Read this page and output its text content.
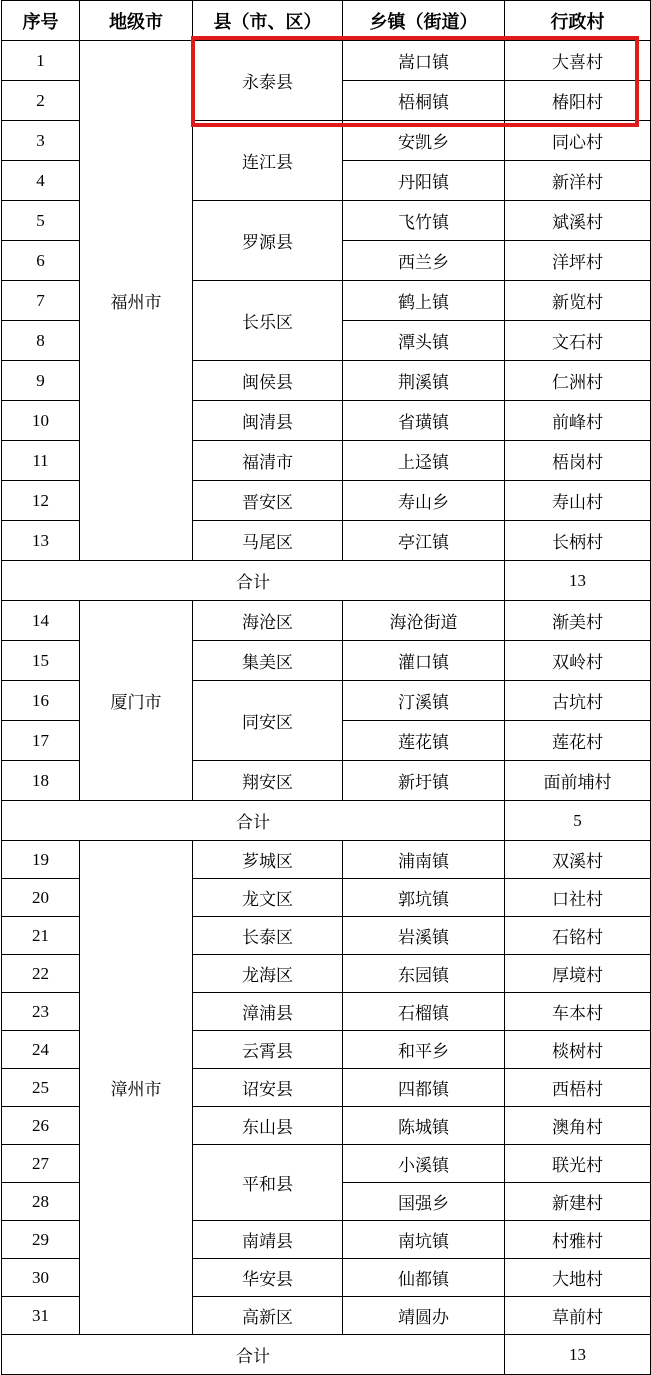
序号	地级市	县（市、区）	乡镇（街道）	行政村
1	福州市	永泰县	嵩口镇	大喜村
2			梧桐镇	椿阳村
3		连江县	安凯乡	同心村
4			丹阳镇	新洋村
5		罗源县	飞竹镇	斌溪村
6			西兰乡	洋坪村
7		长乐区	鹤上镇	新览村
8			潭头镇	文石村
9		闽侯县	荆溪镇	仁洲村
10		闽清县	省璜镇	前峰村
11		福清市	上迳镇	梧岗村
12		晋安区	寿山乡	寿山村
13		马尾区	亭江镇	长柄村
合计				13
14	厦门市	海沧区	海沧街道	渐美村
15		集美区	灌口镇	双岭村
16		同安区	汀溪镇	古坑村
17			莲花镇	莲花村
18		翔安区	新圩镇	面前埔村
合计				5
19	漳州市	芗城区	浦南镇	双溪村
20		龙文区	郭坑镇	口社村
21		长泰区	岩溪镇	石铭村
22		龙海区	东园镇	厚境村
23		漳浦县	石榴镇	车本村
24		云霄县	和平乡	棪树村
25		诏安县	四都镇	西梧村
26		东山县	陈城镇	澳角村
27		平和县	小溪镇	联光村
28			国强乡	新建村
29		南靖县	南坑镇	村雅村
30		华安县	仙都镇	大地村
31		高新区	靖圆办	草前村
合计				13
